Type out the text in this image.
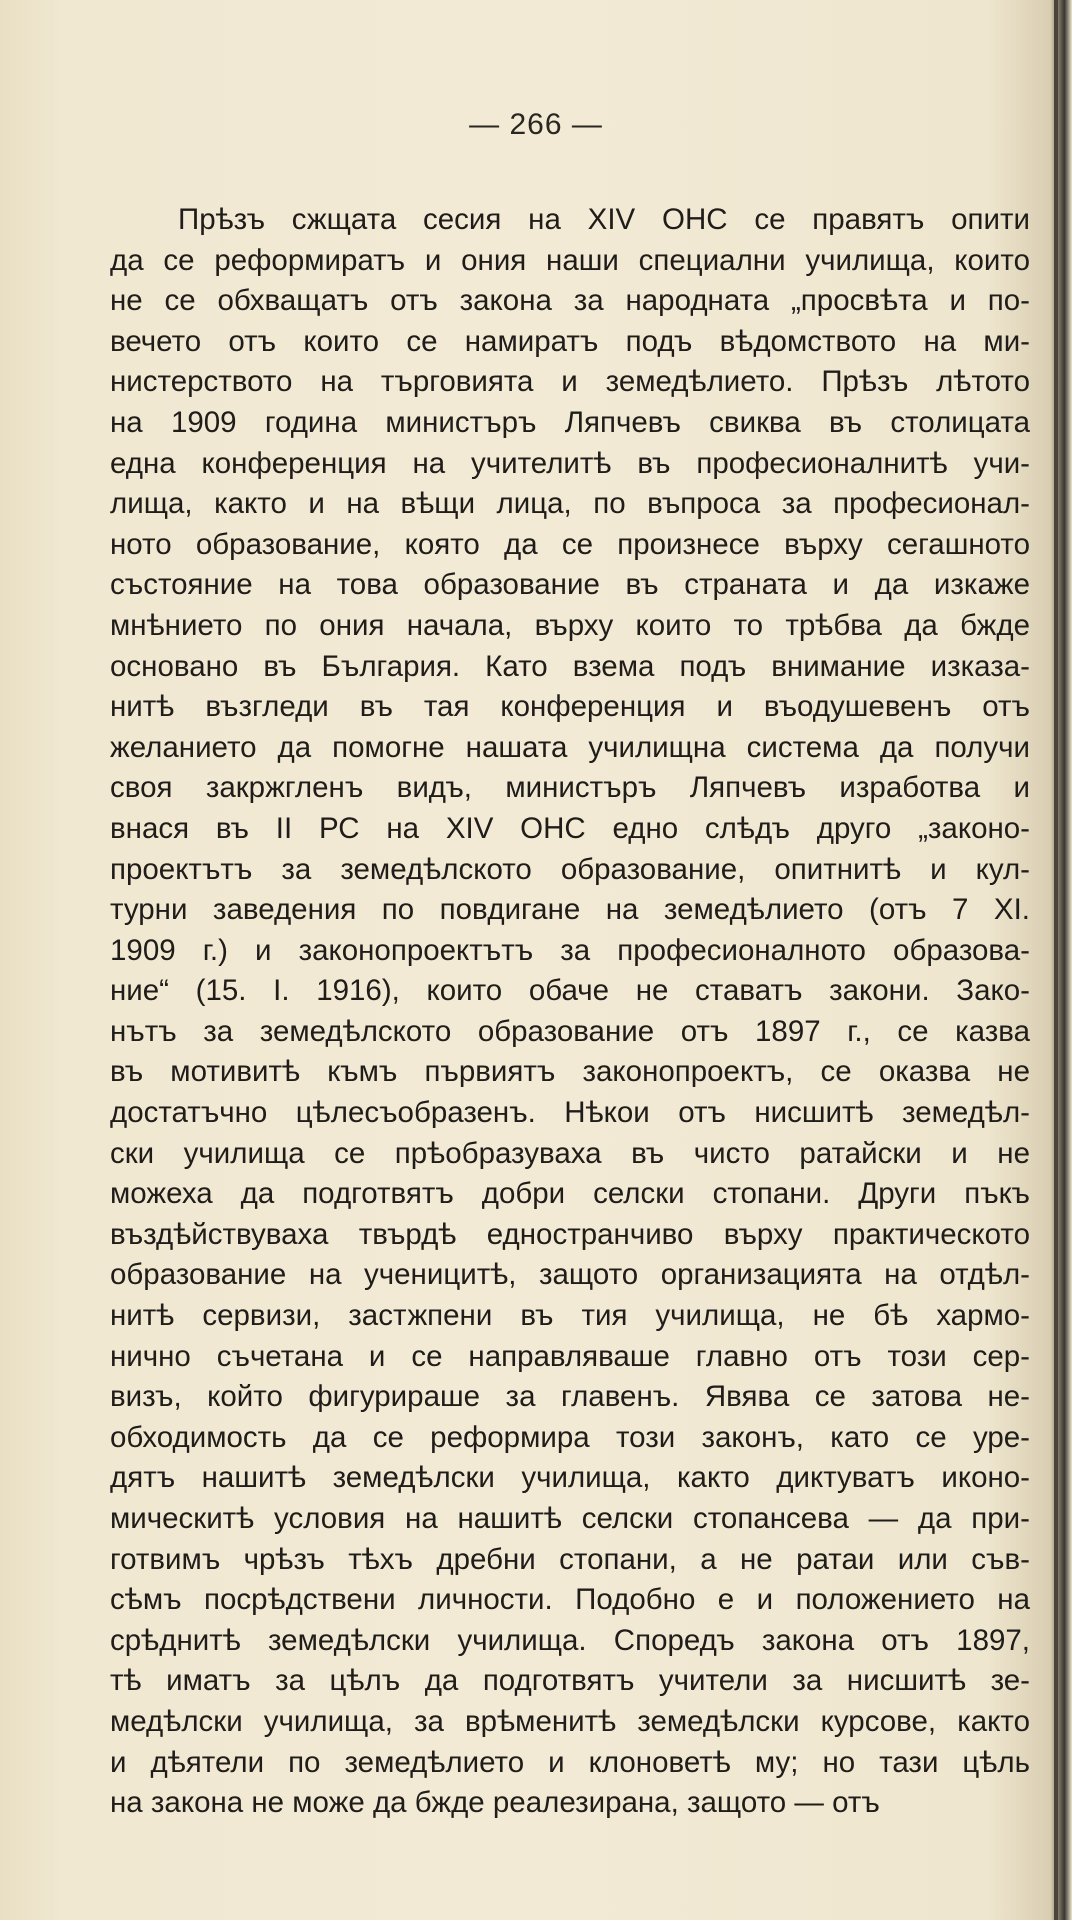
— 266 —
Прѣзъ сжщата сесия на XIV ОНС се правятъ опити
да се реформиратъ и ония наши специални училища, които
не се обхващатъ отъ закона за народната „просвѣта и по-
вечето отъ които се намиратъ подъ вѣдомството на ми-
нистерството на търговията и земедѣлието. Прѣзъ лѣтото
на 1909 година министъръ Ляпчевъ свиква въ столицата
една конференция на учителитѣ въ професионалнитѣ учи-
лища, както и на вѣщи лица, по въпроса за професионал-
ното образование, която да се произнесе върху сегашното
състояние на това образование въ страната и да изкаже
мнѣнието по ония начала, върху които то трѣбва да бжде
основано въ България. Като взема подъ внимание изказа-
нитѣ възгледи въ тая конференция и въодушевенъ отъ
желанието да помогне нашата училищна система да получи
своя закржгленъ видъ, министъръ Ляпчевъ изработва и
внася въ II РС на XIV ОНС едно слѣдъ друго „законо-
проектътъ за земедѣлското образование, опитнитѣ и кул-
турни заведения по повдигане на земедѣлието (отъ 7 XI.
1909 г.) и законопроектътъ за професионалното образова-
ние“ (15. I. 1916), които обаче не ставатъ закони. Зако-
нътъ за земедѣлското образование отъ 1897 г., се казва
въ мотивитѣ къмъ първиятъ законопроектъ, се оказва не
достатъчно цѣлесъобразенъ. Нѣкои отъ нисшитѣ земедѣл-
ски училища се прѣобразуваха въ чисто ратайски и не
можеха да подготвятъ добри селски стопани. Други пъкъ
въздѣйствуваха твърдѣ едностранчиво върху практическото
образование на ученицитѣ, защото организацията на отдѣл-
нитѣ сервизи, застжпени въ тия училища, не бѣ хармо-
нично съчетана и се направляваше главно отъ този сер-
визъ, който фигурираше за главенъ. Явява се затова не-
обходимость да се реформира този законъ, като се уре-
дятъ нашитѣ земедѣлски училища, както диктуватъ иконо-
мическитѣ условия на нашитѣ селски стопансева — да при-
готвимъ чрѣзъ тѣхъ дребни стопани, а не ратаи или съв-
сѣмъ посрѣдствени личности. Подобно е и положението на
срѣднитѣ земедѣлски училища. Споредъ закона отъ 1897,
тѣ иматъ за цѣлъ да подготвятъ учители за нисшитѣ зе-
медѣлски училища, за врѣменитѣ земедѣлски курсове, както
и дѣятели по земедѣлието и клоноветѣ му; но тази цѣль
на закона не може да бжде реалезирана, защото — отъ
